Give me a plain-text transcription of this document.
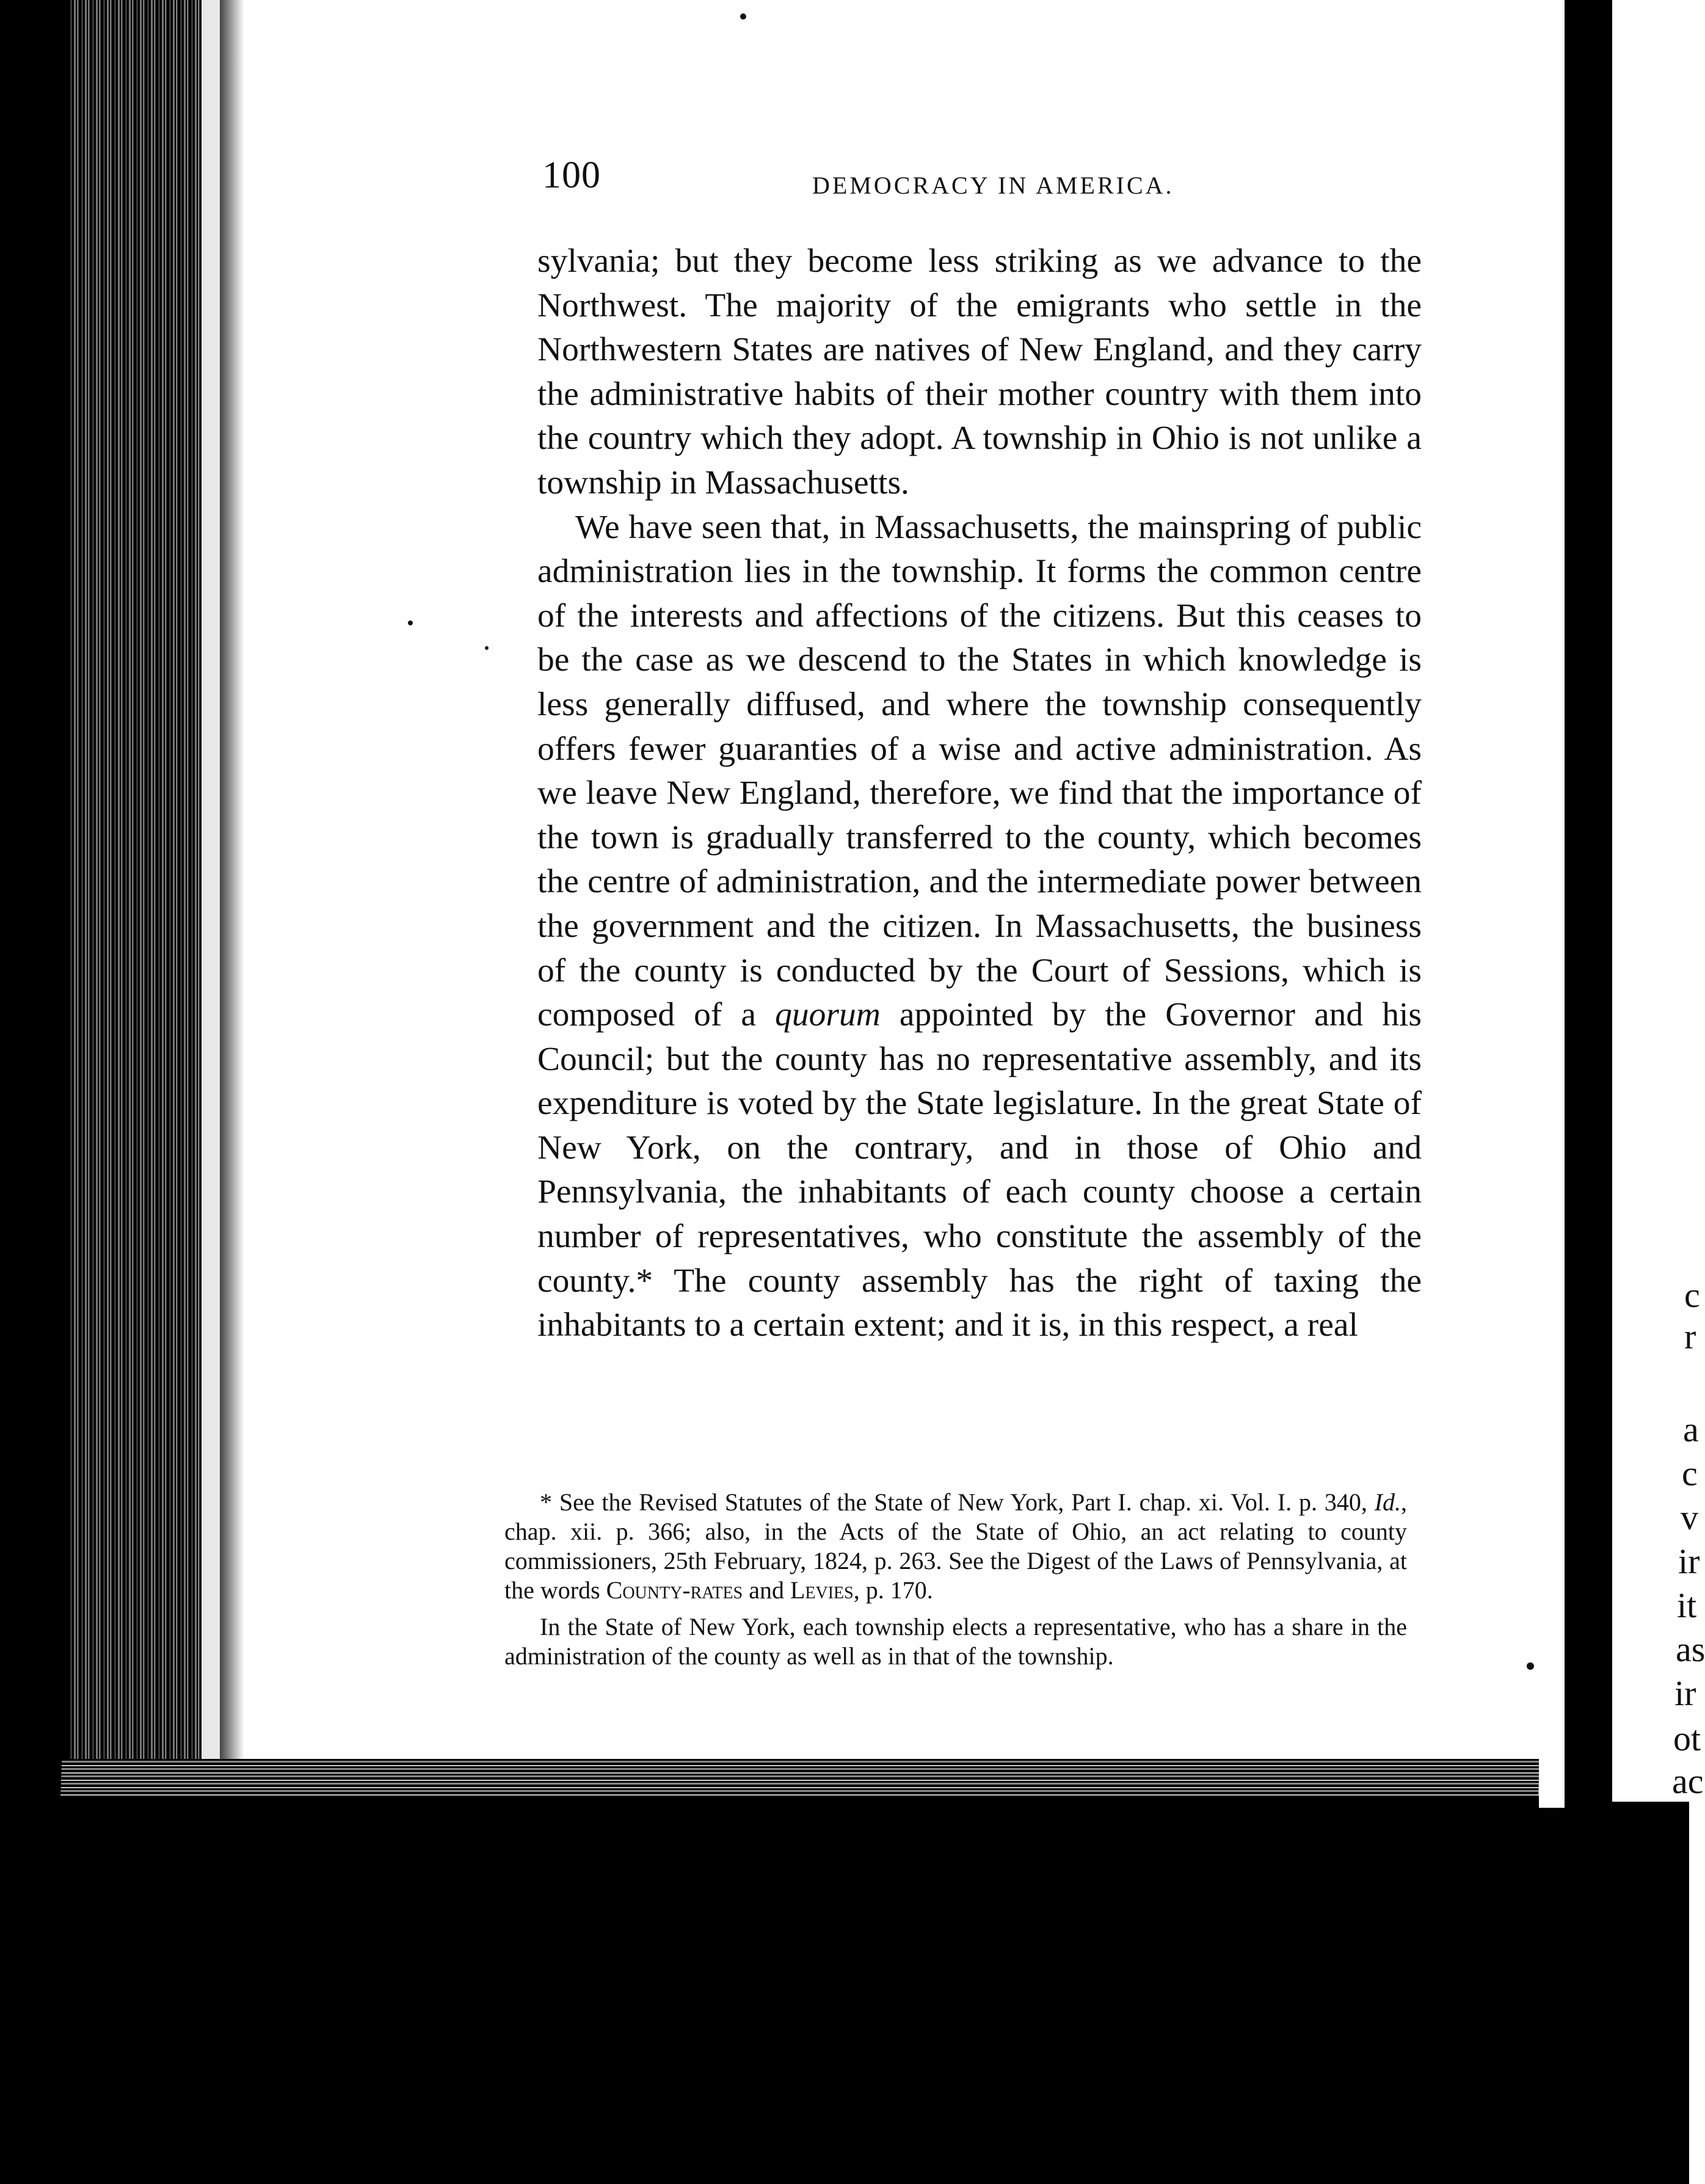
c
r
a
c
v
ir
it
as
ir
ot
ac
100	DEMOCRACY IN AMERICA.

sylvania; but they become less striking as we advance to the Northwest. The majority of the emigrants who settle in the Northwestern States are natives of New England, and they carry the administrative habits of their mother country with them into the country which they adopt. A township in Ohio is not unlike a township in Massachusetts.

We have seen that, in Massachusetts, the mainspring of public administration lies in the township. It forms the common centre of the interests and affections of the citizens. But this ceases to be the case as we descend to the States in which knowledge is less generally diffused, and where the township consequently offers fewer guaranties of a wise and active administration. As we leave New England, therefore, we find that the importance of the town is gradually transferred to the county, which becomes the centre of administration, and the intermediate power between the government and the citizen. In Massachusetts, the business of the county is conducted by the Court of Sessions, which is composed of a quorum appointed by the Governor and his Council; but the county has no representative assembly, and its expenditure is voted by the State legislature. In the great State of New York, on the contrary, and in those of Ohio and Pennsylvania, the inhabitants of each county choose a certain number of representatives, who constitute the assembly of the county.* The county assembly has the right of taxing the inhabitants to a certain extent; and it is, in this respect, a real

* See the Revised Statutes of the State of New York, Part I. chap. xi. Vol. I. p. 340, Id., chap. xii. p. 366; also, in the Acts of the State of Ohio, an act relating to county commissioners, 25th February, 1824, p. 263. See the Digest of the Laws of Pennsylvania, at the words County-rates and Levies, p. 170.

In the State of New York, each township elects a representative, who has a share in the administration of the county as well as in that of the township.
